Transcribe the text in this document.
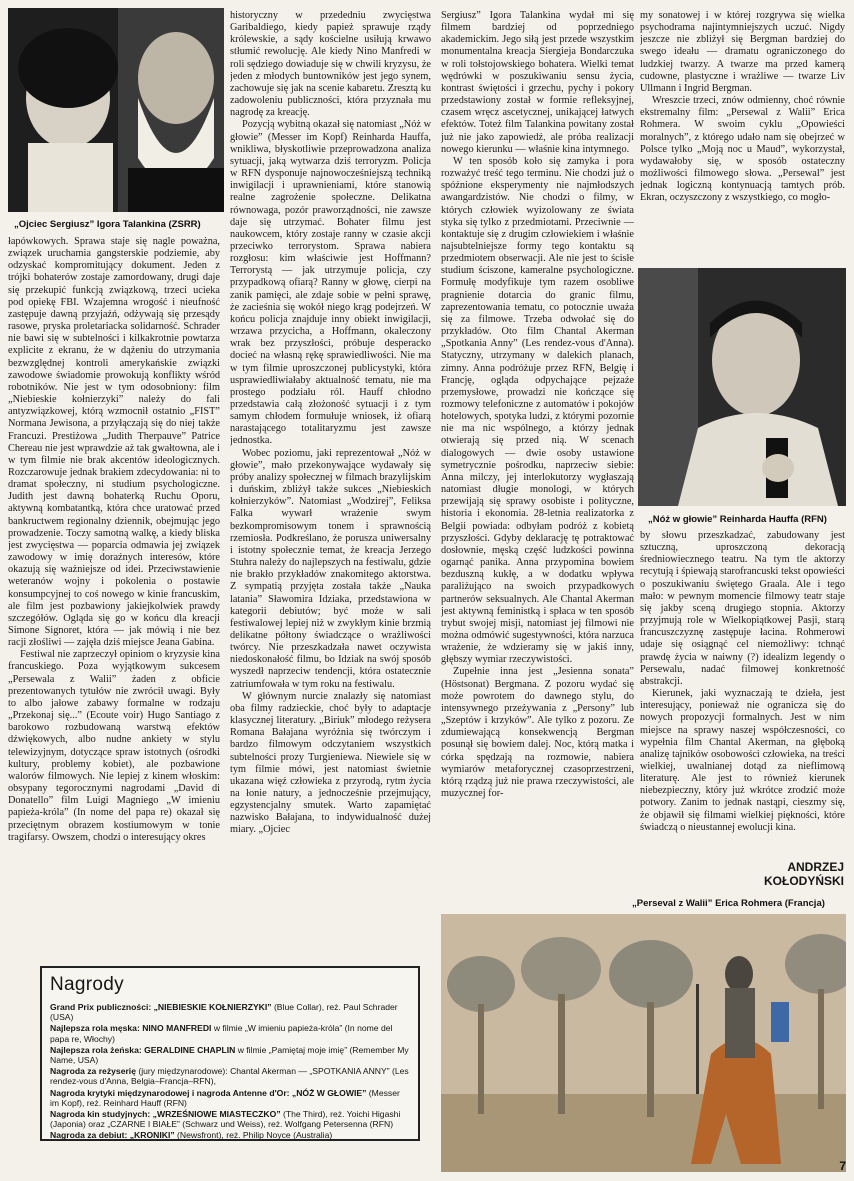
„Ojciec Sergiusz” Igora Talankina (ZSRR)

łapówkowych. Sprawa staje się nagle poważna, związek uruchamia gangsterskie podziemie, aby odzyskać kompromitujący dokument. Jeden z trójki bohaterów zostaje zamordowany, drugi daje się przekupić funkcją związkową, trzeci ucieka pod opiekę FBI. Wzajemna wrogość i nieufność zastępuje dawną przyjaźń, odżywają się przesądy rasowe, pryska proletariacka solidarność. Schrader nie bawi się w subtelności i kilkakrotnie powtarza explicite z ekranu, że w dążeniu do utrzymania bezwzględnej kontroli amerykańskie związki zawodowe świadomie prowokują konflikty wśród robotników. Nie jest w tym odosobniony: film „Niebieskie kołnierzyki” należy do fali antyzwiązkowej, którą wzmocnił ostatnio „FIST” Normana Jewisona, a przyłączają się do niej także Francuzi. Prestiżowa „Judith Therpauve” Patrice Chereau nie jest wprawdzie aż tak gwałtowna, ale i w tym filmie nie brak akcentów ideologicznych. Rozczarowuje jednak brakiem zdecydowania: ni to dramat społeczny, ni studium psychologiczne. Judith jest dawną bohaterką Ruchu Oporu, aktywną kombatantką, która chce uratować przed bankructwem regionalny dziennik, obejmując jego prowadzenie. Toczy samotną walkę, a kiedy bliska jest zwycięstwa — poparcia odmawia jej związek zawodowy w imię doraźnych interesów, które okazują się ważniejsze od idei. Przeciwstawienie weteranów wojny i pokolenia o postawie konsumpcyjnej to coś nowego w kinie francuskim, ale film jest pozbawiony jakiejkolwiek prawdy szczegółów. Ogląda się go w końcu dla kreacji Simone Signoret, która — jak mówią i nie bez racji złośliwi — zajęła dziś miejsce Jeana Gabina.

Festiwal nie zaprzeczył opiniom o kryzysie kina francuskiego. Poza wyjątkowym sukcesem „Persewala z Walii” żaden z obficie prezentowanych tytułów nie zwrócił uwagi. Były to albo jałowe zabawy formalne w rodzaju „Przekonaj się...” (Ecoute voir) Hugo Santiago z barokowo rozbudowaną warstwą efektów dźwiękowych, albo nudne ankiety w stylu telewizyjnym, dotyczące spraw istotnych (ośrodki kultury, problemy kobiet), ale pozbawione walorów filmowych. Nie lepiej z kinem włoskim: obsypany tegorocznymi nagrodami „David di Donatello” film Luigi Magniego „W imieniu papieża-króla” (In nome del papa re) okazał się przeciętnym obrazem kostiumowym w tonie tragifarsy. Owszem, chodzi o interesujący okres

historyczny w przededniu zwycięstwa Garibaldiego, kiedy papież sprawuje rządy królewskie, a sądy kościelne usiłują krwawo stłumić rewolucję. Ale kiedy Nino Manfredi w roli sędziego dowiaduje się w chwili kryzysu, że jeden z młodych buntowników jest jego synem, zachowuje się jak na scenie kabaretu. Zresztą ku zadowoleniu publiczności, która przyznała mu nagrodę za kreację.

Pozycją wybitną okazał się natomiast „Nóż w głowie” (Messer im Kopf) Reinharda Hauffa, wnikliwa, błyskotliwie przeprowadzona analiza sytuacji, jaką wytwarza dziś terroryzm. Policja w RFN dysponuje najnowocześniejszą techniką inwigilacji i uprawnieniami, które stanowią realne zagrożenie społeczne. Delikatna równowaga, pozór praworządności, nie zawsze daje się utrzymać. Bohater filmu jest naukowcem, który zostaje ranny w czasie akcji przeciwko terrorystom. Sprawa nabiera rozgłosu: kim właściwie jest Hoffmann? Terrorystą — jak utrzymuje policja, czy przypadkową ofiarą? Ranny w głowę, cierpi na zanik pamięci, ale zdaje sobie w pełni sprawę, że zacieśnia się wokół niego krąg podejrzeń. W końcu policja znajduje inny obiekt inwigilacji, wrzawa przycicha, a Hoffmann, okaleczony wrak bez przyszłości, próbuje desperacko docieć na własną rękę sprawiedliwości. Nie ma w tym filmie uproszczonej publicystyki, która usprawiedliwiałaby aktualność tematu, nie ma prostego podziału ról. Hauff chłodno przedstawia całą złożoność sytuacji i z tym samym chłodem formułuje wniosek, iż ofiarą narastającego totalitaryzmu jest zawsze jednostka.

Wobec poziomu, jaki reprezentował „Nóż w głowie”, mało przekonywające wydawały się próby analizy społecznej w filmach brazylijskim i duńskim, zbliżył także sukces „Niebieskich kołnierzyków”. Natomiast „Wodzirej”, Feliksa Falka wywarł wrażenie swym bezkompromisowym tonem i sprawnością rzemiosła. Podkreślano, że porusza uniwersalny i istotny społecznie temat, że kreacja Jerzego Stuhra należy do najlepszych na festiwalu, gdzie nie brakło przykładów znakomitego aktorstwa. Z sympatią przyjęta została także „Nauka latania” Sławomira Idziaka, przedstawiona w kategorii debiutów; być może w sali festiwalowej lepiej niż w zwykłym kinie brzmią delikatne półtony świadczące o wrażliwości twórcy. Nie przeszkadzała nawet oczywista niedoskonałość filmu, bo Idziak na swój sposób wyszedł naprzeciw tendencji, która ostatecznie zatriumfowała w tym roku na festiwalu.

W głównym nurcie znalazły się natomiast oba filmy radzieckie, choć były to adaptacje klasycznej literatury. „Biriuk” młodego reżysera Romana Bałajana wyróżnia się twórczym i bardzo filmowym odczytaniem wszystkich subtelności prozy Turgieniewa. Niewiele się w tym filmie mówi, jest natomiast świetnie ukazana więź człowieka z przyrodą, rytm życia na łonie natury, a jednocześnie przejmujący, egzystencjalny smutek. Warto zapamiętać nazwisko Bałajana, to indywidualność dużej miary. „Ojciec

Sergiusz” Igora Talankina wydał mi się filmem bardziej od poprzedniego akademickim. Jego siłą jest przede wszystkim monumentalna kreacja Siergieja Bondarczuka w roli tołstojowskiego bohatera. Wielki temat wędrówki w poszukiwaniu sensu życia, kontrast świętości i grzechu, pychy i pokory przedstawiony został w formie refleksyjnej, czasem wręcz ascetycznej, unikającej łatwych efektów. Toteż film Talankina powitany został już nie jako zapowiedź, ale próba realizacji nowego kierunku — właśnie kina intymnego.

W ten sposób koło się zamyka i pora rozważyć treść tego terminu. Nie chodzi już o spóźnione eksperymenty nie najmłodszych awangardzistów. Nie chodzi o filmy, w których człowiek wyizolowany ze świata styka się tylko z przedmiotami. Przeciwnie — kontaktuje się z drugim człowiekiem i właśnie najsubtelniejsze formy tego kontaktu są przedmiotem obserwacji. Ale nie jest to ścisłe studium ściszone, kameralne psychologiczne. Formułę modyfikuje tym razem osobliwe pragnienie dotarcia do granic filmu, zaprezentowania tematu, co potocznie uważa się za filmowe. Trzeba odwołać się do przykładów. Oto film Chantal Akerman „Spotkania Anny” (Les rendez-vous d'Anna). Statyczny, utrzymany w dalekich planach, zimny. Anna podróżuje przez RFN, Belgię i Francję, ogląda odpychające pejzaże przemysłowe, prowadzi nie kończące się rozmowy telefoniczne z automatów i pokojów hotelowych, spotyka ludzi, z którymi pozornie nie ma nic wspólnego, a którzy jednak otwierają się przed nią. W scenach dialogowych — dwie osoby ustawione symetrycznie pośrodku, naprzeciw siebie: Anna milczy, jej interlokutorzy wygłaszają natomiast długie monologi, w których przewijają się sprawy osobiste i polityczne, historia i ekonomia. 28-letnia realizatorka z Belgii powiada: odbyłam podróż z kobietą przyszłości. Gdyby deklarację tę potraktować dosłownie, męską część ludzkości powinna ogarnąć panika. Anna przypomina bowiem bezduszną kukłę, a w dodatku wpływa paraliżująco na swoich przypadkowych partnerów seksualnych. Ale Chantal Akerman jest aktywną feministką i spłaca w ten sposób trybut swojej misji, natomiast jej filmowi nie można odmówić sugestywności, która narzuca wrażenie, że wdzieramy się w jakiś inny, głębszy wymiar rzeczywistości.

Zupełnie inna jest „Jesienna sonata” (Höstsonat) Bergmana. Z pozoru wydać się może powrotem do dawnego stylu, do intensywnego przeżywania z „Persony” lub „Szeptów i krzyków”. Ale tylko z pozoru. Ze zdumiewającą konsekwencją Bergman posunął się bowiem dalej. Noc, którą matka i córka spędzają na rozmowie, nabiera wymiarów metaforycznej czasoprzestrzeni, którą rządzą już nie prawa rzeczywistości, ale muzycznej for-

my sonatowej i w której rozgrywa się wielka psychodrama najintymniejszych uczuć. Nigdy jeszcze nie zbliżył się Bergman bardziej do swego ideału — dramatu ograniczonego do ludzkiej twarzy. A twarze ma przed kamerą cudowne, plastyczne i wrażliwe — twarze Liv Ullmann i Ingrid Bergman.

Wreszcie trzeci, znów odmienny, choć równie ekstremalny film: „Persewal z Walii” Erica Rohmera. W swoim cyklu „Opowieści moralnych”, z którego udało nam się obejrzeć w Polsce tylko „Moją noc u Maud”, wykorzystał, wydawałoby się, w sposób ostateczny możliwości filmowego słowa. „Persewal” jest jednak logiczną kontynuacją tamtych prób. Ekran, oczyszczony z wszystkiego, co mogło-

„Nóż w głowie” Reinharda Hauffa (RFN)

by słowu przeszkadzać, zabudowany jest sztuczną, uproszczoną dekoracją średniowiecznego teatru. Na tym tle aktorzy recytują i śpiewają starofrancuski tekst opowieści o poszukiwaniu świętego Graala. Ale i tego mało: w pewnym momencie filmowy teatr staje się jakby sceną drugiego stopnia. Aktorzy przyjmują role w Wielkopiątkowej Pasji, starą francuszczyznę zastępuje łacina. Rohmerowi udaje się osiągnąć cel niemożliwy: tchnąć prawdę życia w naiwny (?) idealizm legendy o Persewalu, nadać filmowej konkretność abstrakcji.

Kierunek, jaki wyznaczają te dzieła, jest interesujący, ponieważ nie ogranicza się do nowych propozycji formalnych. Jest w nim miejsce na sprawy naszej współczesności, co wypełnia film Chantal Akerman, na głęboką analizę tajników osobowości człowieka, na treści wielkiej, uwalnianej dotąd za nieflimową literaturę. Ale jest to również kierunek niebezpieczny, który już wkrótce zrodzić może potwory. Zanim to jednak nastąpi, cieszmy się, że objawił się filmami wielkiej piękności, które świadczą o nieustannej ewolucji kina.

ANDRZEJ
KOŁODYŃSKI
„Perseval z Walii” Erica Rohmera (Francja)
Nagrody
Grand Prix publiczności: „NIEBIESKIE KOŁNIERZYKI” (Blue Collar), reż. Paul Schrader (USA)
Najlepsza rola męska: NINO MANFREDI w filmie „W imieniu papieża-króla” (In nome del papa re, Włochy)
Najlepsza rola żeńska: GERALDINE CHAPLIN w filmie „Pamiętaj moje imię” (Remember My Name, USA)
Nagroda za reżyserię (jury międzynarodowe): Chantal Akerman — „SPOTKANIA ANNY” (Les rendez-vous d'Anna, Belgia–Francja–RFN),
Nagroda krytyki międzynarodowej i nagroda Antenne d'Or: „NÓŻ W GŁOWIE” (Messer im Kopf), reż. Reinhard Hauff (RFN)
Nagroda kin studyjnych: „WRZEŚNIOWE MIASTECZKO” (The Third), reż. Yoichi Higashi (Japonia) oraz „CZARNE I BIAŁE” (Schwarz und Weiss), reż. Wolfgang Petersenna (RFN)
Nagroda za debiut: „KRONIKI” (Newsfront), reż. Philip Noyce (Australia)
7
